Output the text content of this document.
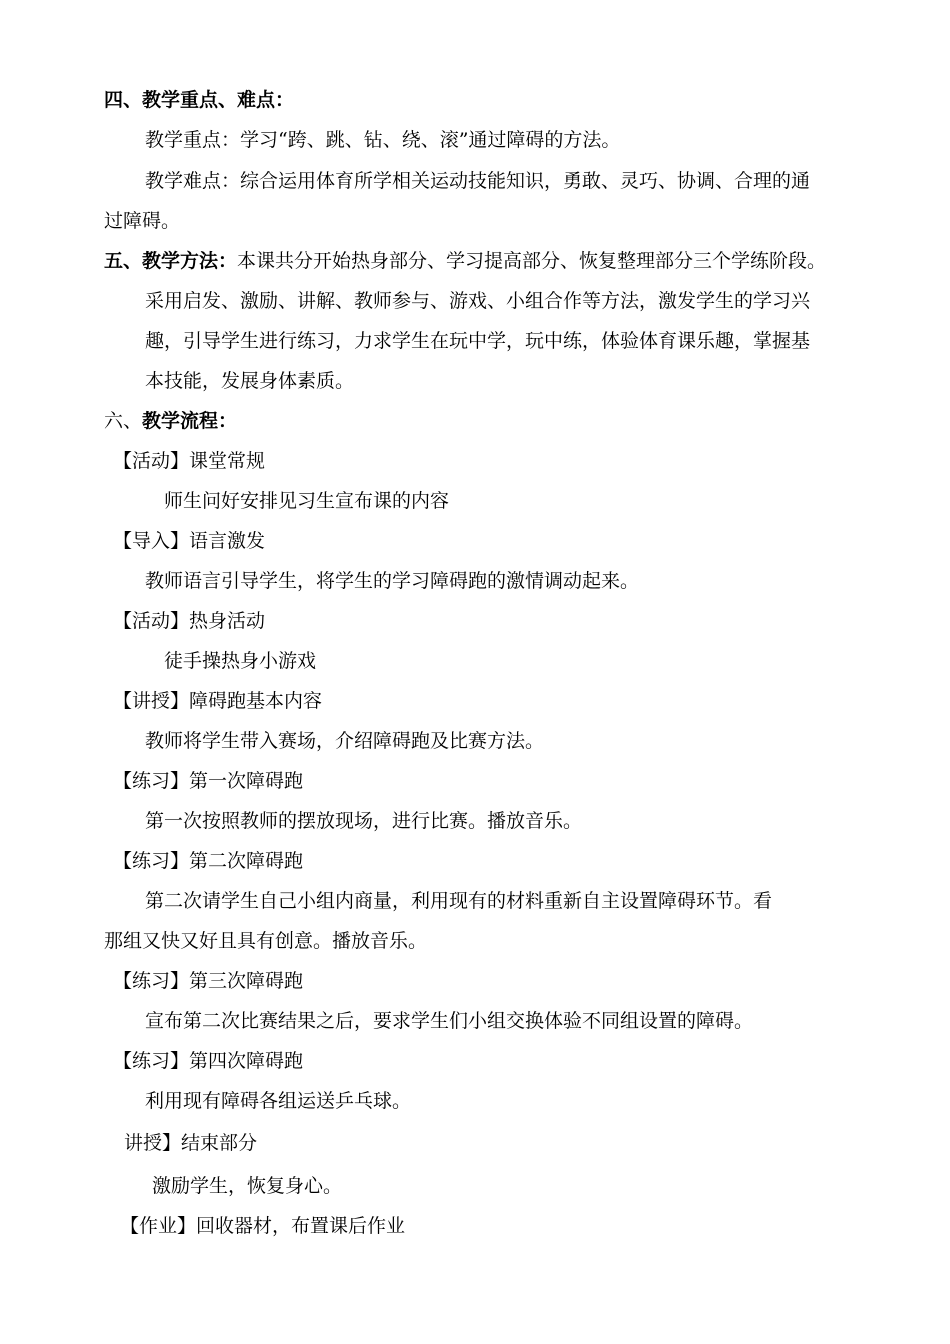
四、教学重点、难点：
教学重点：学习“跨、跳、钻、绕、滚”通过障碍的方法。
教学难点：综合运用体育所学相关运动技能知识，勇敢、灵巧、协调、合理的通
过障碍。
五、教学方法：本课共分开始热身部分、学习提高部分、恢复整理部分三个学练阶段。
采用启发、激励、讲解、教师参与、游戏、小组合作等方法，激发学生的学习兴
趣，引导学生进行练习，力求学生在玩中学，玩中练，体验体育课乐趣，掌握基
本技能，发展身体素质。
六、教学流程：
【活动】课堂常规
师生问好安排见习生宣布课的内容
【导入】语言激发
教师语言引导学生，将学生的学习障碍跑的激情调动起来。
【活动】热身活动
徒手操热身小游戏
【讲授】障碍跑基本内容
教师将学生带入赛场，介绍障碍跑及比赛方法。
【练习】第一次障碍跑
第一次按照教师的摆放现场，进行比赛。播放音乐。
【练习】第二次障碍跑
第二次请学生自己小组内商量，利用现有的材料重新自主设置障碍环节。看
那组又快又好且具有创意。播放音乐。
【练习】第三次障碍跑
宣布第二次比赛结果之后，要求学生们小组交换体验不同组设置的障碍。
【练习】第四次障碍跑
利用现有障碍各组运送乒乓球。
讲授】结束部分
激励学生，恢复身心。
【作业】回收器材，布置课后作业
